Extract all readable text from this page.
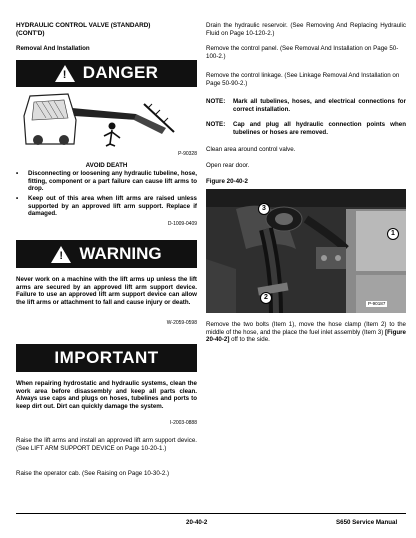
HYDRAULIC CONTROL VALVE (STANDARD)
(CONT'D)
Removal And Installation
! DANGER
P-90328
AVOID DEATH
•	Disconnecting or loosening any hydraulic tubeline, hose, fitting, component or a part failure can cause lift arms to drop.
•	Keep out of this area when lift arms are raised unless supported by an approved lift arm support. Replace if damaged.
D-1009-0409
! WARNING
Never work on a machine with the lift arms up unless the lift arms are secured by an approved lift arm support device. Failure to use an approved lift arm support device can allow the lift arms or attachment to fall and cause injury or death.
W-2059-0598
IMPORTANT
When repairing hydrostatic and hydraulic systems, clean the work area before disassembly and keep all parts clean. Always use caps and plugs on hoses, tubelines and ports to keep dirt out. Dirt can quickly damage the system.
I-2003-0888
Raise the lift arms and install an approved lift arm support device. (See LIFT ARM SUPPORT DEVICE on Page 10-20-1.)
Raise the operator cab. (See Raising on Page 10-30-2.)
Drain the hydraulic reservoir. (See Removing And Replacing Hydraulic Fluid on Page 10-120-2.)
Remove the control panel. (See Removal And Installation on Page 50-100-2.)
Remove the control linkage. (See Linkage Removal And Installation on Page 50-90-2.)
NOTE:	Mark all tubelines, hoses, and electrical connections for correct installation.
NOTE:	Cap and plug all hydraulic connection points when tubelines or hoses are removed.
Clean area around control valve.
Open rear door.
Figure 20-40-2
3
1
2
P-90187
Remove the two bolts (Item 1), move the hose clamp (Item 2) to the middle of the hose, and the place the fuel inlet assembly (Item 3) [Figure 20-40-2] off to the side.
20-40-2	S650 Service Manual
